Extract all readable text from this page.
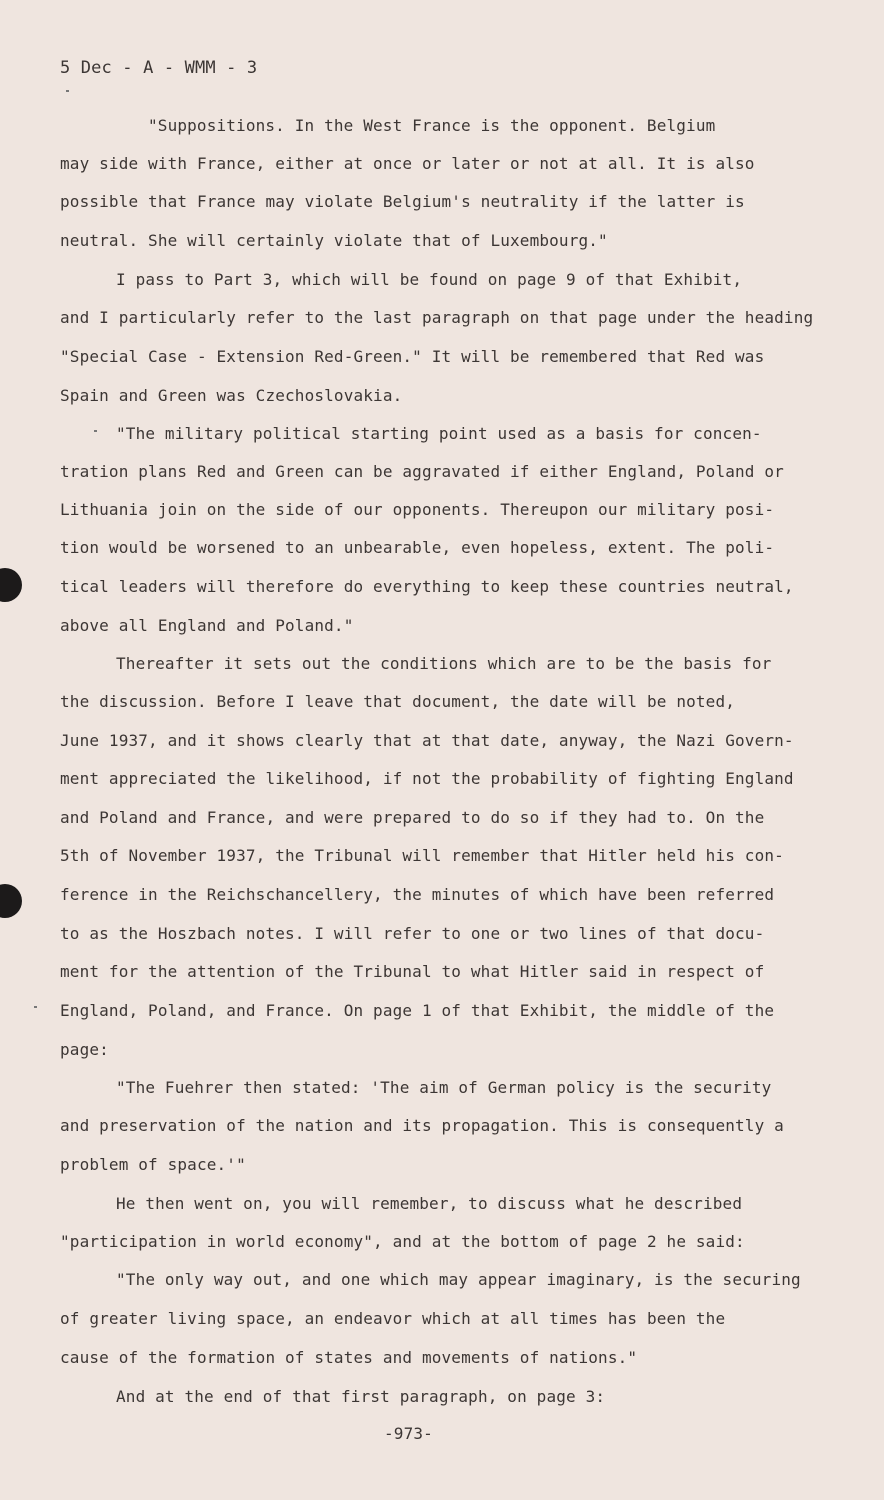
5 Dec - A - WMM - 3
"Suppositions. In the West France is the opponent. Belgium
may side with France, either at once or later or not at all. It is also
possible that France may violate Belgium's neutrality if the latter is
neutral. She will certainly violate that of Luxembourg."
I pass to Part 3, which will be found on page 9 of that Exhibit,
and I particularly refer to the last paragraph on that page under the heading
"Special Case - Extension Red-Green." It will be remembered that Red was
Spain and Green was Czechoslovakia.
"The military political starting point used as a basis for concen-
tration plans Red and Green can be aggravated if either England, Poland or
Lithuania join on the side of our opponents. Thereupon our military posi-
tion would be worsened to an unbearable, even hopeless, extent. The poli-
tical leaders will therefore do everything to keep these countries neutral,
above all England and Poland."
Thereafter it sets out the conditions which are to be the basis for
the discussion. Before I leave that document, the date will be noted,
June 1937, and it shows clearly that at that date, anyway, the Nazi Govern-
ment appreciated the likelihood, if not the probability of fighting England
and Poland and France, and were prepared to do so if they had to. On the
5th of November 1937, the Tribunal will remember that Hitler held his con-
ference in the Reichschancellery, the minutes of which have been referred
to as the Hoszbach notes. I will refer to one or two lines of that docu-
ment for the attention of the Tribunal to what Hitler said in respect of
England, Poland, and France. On page 1 of that Exhibit, the middle of the
page:
"The Fuehrer then stated: 'The aim of German policy is the security
and preservation of the nation and its propagation. This is consequently a
problem of space.'"
He then went on, you will remember, to discuss what he described
"participation in world economy", and at the bottom of page 2 he said:
"The only way out, and one which may appear imaginary, is the securing
of greater living space, an endeavor which at all times has been the
cause of the formation of states and movements of nations."
And at the end of that first paragraph, on page 3:
-973-
